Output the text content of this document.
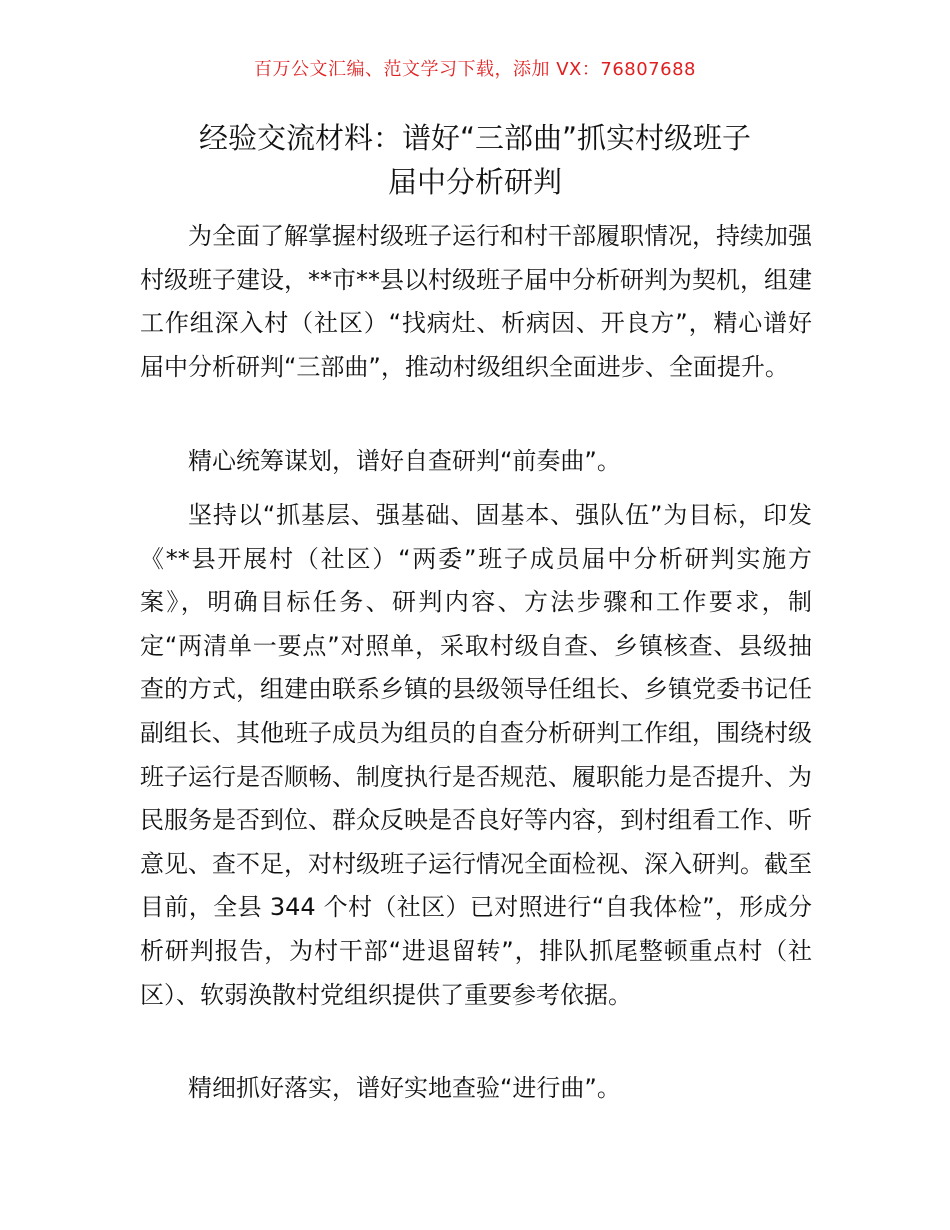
百万公文汇编、范文学习下载，添加 VX：76807688
经验交流材料：谱好“三部曲”抓实村级班子
届中分析研判

为全面了解掌握村级班子运行和村干部履职情况，持续加强村级班子建设，**市**县以村级班子届中分析研判为契机，组建工作组深入村（社区）“找病灶、析病因、开良方”，精心谱好届中分析研判“三部曲”，推动村级组织全面进步、全面提升。

精心统筹谋划，谱好自查研判“前奏曲”。

坚持以“抓基层、强基础、固基本、强队伍”为目标，印发《**县开展村（社区）“两委”班子成员届中分析研判实施方案》，明确目标任务、研判内容、方法步骤和工作要求，制定“两清单一要点”对照单，采取村级自查、乡镇核查、县级抽查的方式，组建由联系乡镇的县级领导任组长、乡镇党委书记任副组长、其他班子成员为组员的自查分析研判工作组，围绕村级班子运行是否顺畅、制度执行是否规范、履职能力是否提升、为民服务是否到位、群众反映是否良好等内容，到村组看工作、听意见、查不足，对村级班子运行情况全面检视、深入研判。截至目前，全县 344 个村（社区）已对照进行“自我体检”，形成分析研判报告，为村干部“进退留转”，排队抓尾整顿重点村（社区）、软弱涣散村党组织提供了重要参考依据。

精细抓好落实，谱好实地查验“进行曲”。
